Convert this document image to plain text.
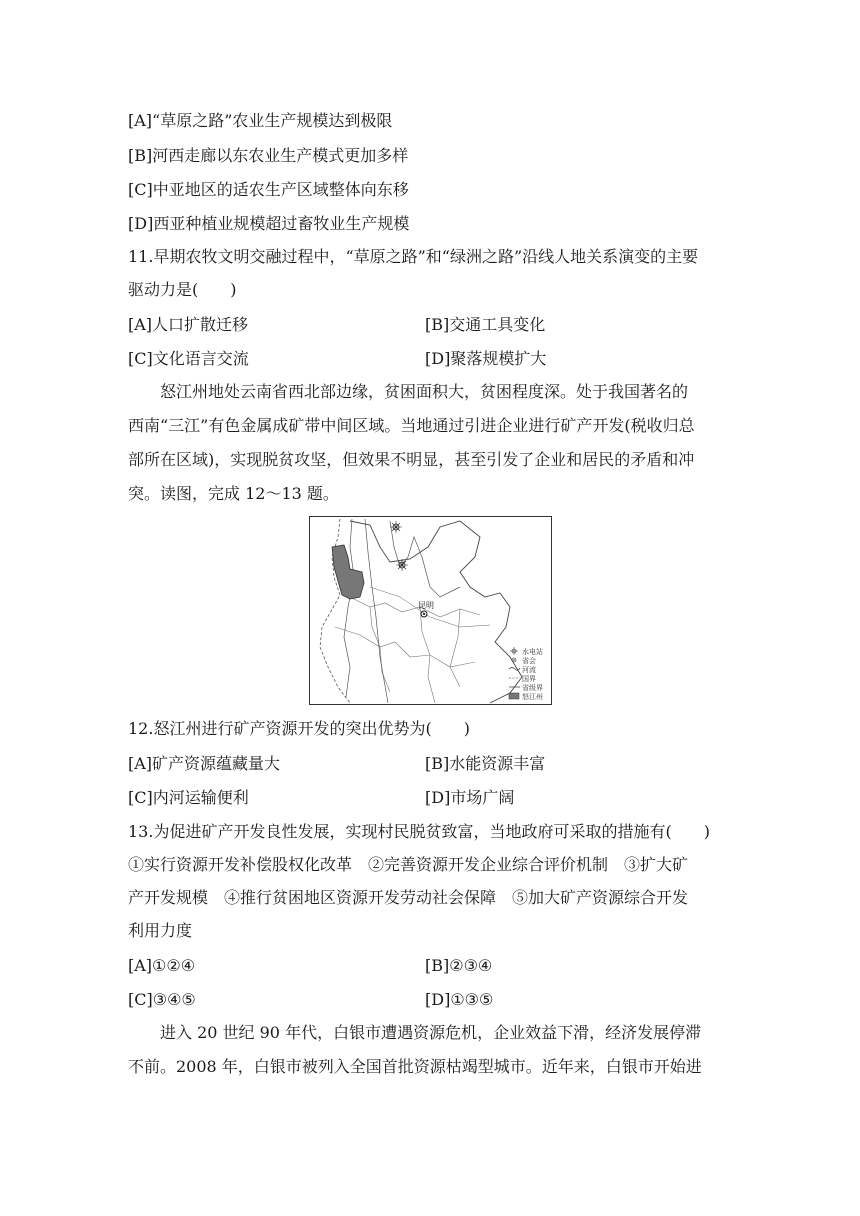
[A]“草原之路”农业生产规模达到极限
[B]河西走廊以东农业生产模式更加多样
[C]中亚地区的适农生产区域整体向东移
[D]西亚种植业规模超过畜牧业生产规模
11.早期农牧文明交融过程中，“草原之路”和“绿洲之路”沿线人地关系演变的主要
驱动力是(　　)
[A]人口扩散迁移	[B]交通工具变化
[C]文化语言交流	[D]聚落规模扩大
怒江州地处云南省西北部边缘，贫困面积大，贫困程度深。处于我国著名的
西南“三江”有色金属成矿带中间区域。当地通过引进企业进行矿产开发(税收归总
部所在区域)，实现脱贫攻坚，但效果不明显，甚至引发了企业和居民的矛盾和冲
突。读图，完成 12～13 题。
昆明
水电站
省会
河流
国界
省级界
怒江州
12.怒江州进行矿产资源开发的突出优势为(　　)
[A]矿产资源蕴藏量大	[B]水能资源丰富
[C]内河运输便利	[D]市场广阔
13.为促进矿产开发良性发展，实现村民脱贫致富，当地政府可采取的措施有(　　)
①实行资源开发补偿股权化改革　②完善资源开发企业综合评价机制　③扩大矿
产开发规模　④推行贫困地区资源开发劳动社会保障　⑤加大矿产资源综合开发
利用力度
[A]①②④	[B]②③④
[C]③④⑤	[D]①③⑤
进入 20 世纪 90 年代，白银市遭遇资源危机，企业效益下滑，经济发展停滞
不前。2008 年，白银市被列入全国首批资源枯竭型城市。近年来，白银市开始进
